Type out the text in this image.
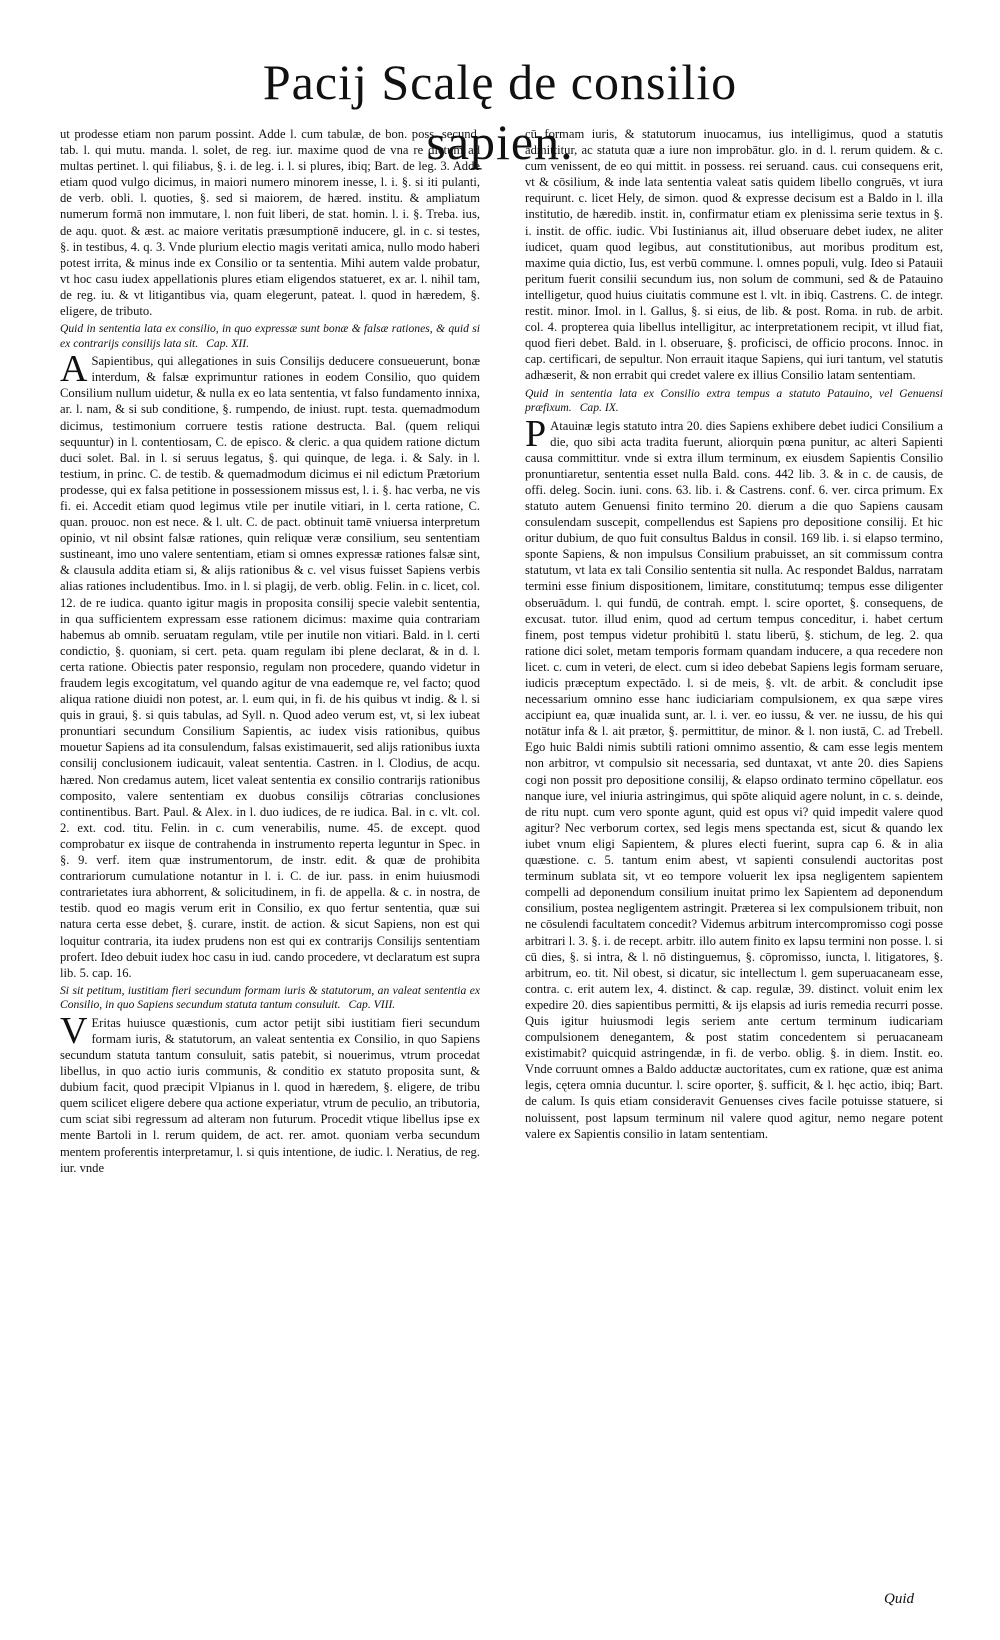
Pacij Scalę de consilio sapien.

ut prodesse etiam non parum possint. Adde l. cum tabulæ, de bon. poss. secund. tab. l. qui mutu. manda. l. solet, de reg. iur. maxime quod de vna re dictum ad multas pertinet. l. qui filiabus, §. i. de leg. i. l. si plures, ibiq; Bart. de leg. 3. Adde etiam quod vulgo dicimus, in maiori numero minorem inesse, l. i. §. si iti pulanti, de verb. obli. l. quoties, §. sed si maiorem, de hæred. institu. & ampliatum numerum formā non immutare, l. non fuit liberi, de stat. homin. l. i. §. Treba. ius, de aqu. quot. & æst. ac maiore veritatis præsumptionē inducere, gl. in c. si testes, §. in testibus, 4. q. 3. Vnde plurium electio magis veritati amica, nullo modo haberi potest irrita, & minus inde ex Consilio or ta sententia. Mihi autem valde probatur, vt hoc casu iudex appellationis plures etiam eligendos statueret, ex ar. l. nihil tam, de reg. iu. & vt litigantibus via, quam elegerunt, pateat. l. quod in hæredem, §. eligere, de tributo.

Quid in sententia lata ex consilio, in quo expressæ sunt bonæ & falsæ rationes, & quid si ex contrarijs consilijs lata sit. Cap. XII.

A Sapientibus, qui allegationes in suis Consilijs deducere consueuerunt, bonæ interdum, & falsæ exprimuntur rationes in eodem Consilio, quo quidem Consilium nullum uidetur, & nulla ex eo lata sententia, vt falso fundamento innixa, ar. l. nam, & si sub conditione, §. rumpendo, de iniust. rupt. testa. quemadmodum dicimus, testimonium corruere testis ratione destructa. Bal. (quem reliqui sequuntur) in l. contentiosam, C. de episco. & cleric. a qua quidem ratione dictum duci solet. Bal. in l. si seruus legatus, §. qui quinque, de lega. i. & Saly. in l. testium, in princ. C. de testib. & quemadmodum dicimus ei nil edictum Prætorium prodesse, qui ex falsa petitione in possessionem missus est, l. i. §. hac verba, ne vis fi. ei. Accedit etiam quod legimus vtile per inutile vitiari, in l. certa ratione, C. quan. prouoc. non est nece. & l. ult. C. de pact. obtinuit tamē vniuersa interpretum opinio, vt nil obsint falsæ rationes, quin reliquæ veræ consilium, seu sententiam sustineant, imo uno valere sententiam, etiam si omnes expressæ rationes falsæ sint, & clausula addita etiam si, & alijs rationibus & c. vel visus fuisset Sapiens verbis alias rationes includentibus. Imo. in l. si plagij, de verb. oblig. Felin. in c. licet, col. 12. de re iudica. quanto igitur magis in proposita consilij specie valebit sententia, in qua sufficientem expressam esse rationem dicimus: maxime quia contrariam habemus ab omnib. seruatam regulam, vtile per inutile non vitiari. Bald. in l. certi condictio, §. quoniam, si cert. peta. quam regulam ibi plene declarat, & in d. l. certa ratione. Obiectis pater responsio, regulam non procedere, quando videtur in fraudem legis excogitatum, vel quando agitur de vna eademque re, vel facto; quod aliqua ratione diuidi non potest, ar. l. eum qui, in fi. de his quibus vt indig. & l. si quis in graui, §. si quis tabulas, ad Syll. n. Quod adeo verum est, vt, si lex iubeat pronuntiari secundum Consilium Sapientis, ac iudex visis rationibus, quibus mouetur Sapiens ad ita consulendum, falsas existimauerit, sed alijs rationibus iuxta consilij conclusionem iudicauit, valeat sententia. Castren. in l. Clodius, de acqu. hæred. Non credamus autem, licet valeat sententia ex consilio contrarijs rationibus composito, valere sententiam ex duobus consilijs cōtrarias conclusiones continentibus. Bart. Paul. & Alex. in l. duo iudices, de re iudica. Bal. in c. vlt. col. 2. ext. cod. titu. Felin. in c. cum venerabilis, nume. 45. de except. quod comprobatur ex iisque de contrahenda in instrumento reperta leguntur in Spec. in §. 9. verf. item quæ instrumentorum, de instr. edit. & quæ de prohibita contrariorum cumulatione notantur in l. i. C. de iur. pass. in enim huiusmodi contrarietates iura abhorrent, & solicitudinem, in fi. de appella. & c. in nostra, de testib. quod eo magis verum erit in Consilio, ex quo fertur sententia, quæ sui natura certa esse debet, §. curare, instit. de action. & sicut Sapiens, non est qui loquitur contraria, ita iudex prudens non est qui ex contrarijs Consilijs sententiam profert. Ideo debuit iudex hoc casu in iud. cando procedere, vt declaratum est supra lib. 5. cap. 16.

Si sit petitum, iustitiam fieri secundum formam iuris & statutorum, an valeat sententia ex Consilio, in quo Sapiens secundum statuta tantum consuluit. Cap. VIII.

V Eritas huiusce quæstionis, cum actor petijt sibi iustitiam fieri secundum formam iuris, & statutorum, an valeat sententia ex Consilio, in quo Sapiens secundum statuta tantum consuluit, satis patebit, si nouerimus, vtrum procedat libellus, in quo actio iuris communis, & conditio ex statuto proposita sunt, & dubium facit, quod præcipit Vlpianus in l. quod in hæredem, §. eligere, de tribu quem scilicet eligere debere qua actione experiatur, vtrum de peculio, an tributoria, cum sciat sibi regressum ad alteram non futurum. Procedit vtique libellus ipse ex mente Bartoli in l. rerum quidem, de act. rer. amot. quoniam verba secundum mentem proferentis interpretamur, l. si quis intentione, de iudic. l. Neratius, de reg. iur. vnde

cū formam iuris, & statutorum inuocamus, ius intelligimus, quod a statutis admittitur, ac statuta quæ a iure non improbātur. glo. in d. l. rerum quidem. & c. cum venissent, de eo qui mittit. in possess. rei seruand. caus. cui consequens erit, vt & cōsilium, & inde lata sententia valeat satis quidem libello congruēs, vt iura requirunt. c. licet Hely, de simon. quod & expresse decisum est a Baldo in l. illa institutio, de hæredib. instit. in, confirmatur etiam ex plenissima serie textus in §. i. instit. de offic. iudic. Vbi Iustinianus ait, illud obseruare debet iudex, ne aliter iudicet, quam quod legibus, aut constitutionibus, aut moribus proditum est, maxime quia dictio, Ius, est verbū commune. l. omnes populi, vulg. Ideo si Patauii peritum fuerit consilii secundum ius, non solum de communi, sed & de Patauino intelligetur, quod huius ciuitatis commune est l. vlt. in ibiq. Castrens. C. de integr. restit. minor. Imol. in l. Gallus, §. si eius, de lib. & post. Roma. in rub. de arbit. col. 4. propterea quia libellus intelligitur, ac interpretationem recipit, vt illud fiat, quod fieri debet. Bald. in l. obseruare, §. proficisci, de officio procons. Innoc. in cap. certificari, de sepultur. Non errauit itaque Sapiens, qui iuri tantum, vel statutis adhæserit, & non errabit qui credet valere ex illius Consilio latam sententiam.

Quid in sententia lata ex Consilio extra tempus a statuto Patauino, vel Genuensi præfixum. Cap. IX.

P Atauinæ legis statuto intra 20. dies Sapiens exhibere debet iudici Consilium a die, quo sibi acta tradita fuerunt, aliorquin pœna punitur, ac alteri Sapienti causa committitur. vnde si extra illum terminum, ex eiusdem Sapientis Consilio pronuntiaretur, sententia esset nulla Bald. cons. 442 lib. 3. & in c. de causis, de offi. deleg. Socin. iuni. cons. 63. lib. i. & Castrens. conf. 6. ver. circa primum. Ex statuto autem Genuensi finito termino 20. dierum a die quo Sapiens causam consulendam suscepit, compellendus est Sapiens pro depositione consilij. Et hic oritur dubium, de quo fuit consultus Baldus in consil. 169 lib. i. si elapso termino, sponte Sapiens, & non impulsus Consilium prabuisset, an sit commissum contra statutum, vt lata ex tali Consilio sententia sit nulla. Ac respondet Baldus, narratam termini esse finium dispositionem, limitare, constitutumq; tempus esse diligenter obseruādum. l. qui fundū, de contrah. empt. l. scire oportet, §. consequens, de excusat. tutor. illud enim, quod ad certum tempus conceditur, i. habet certum finem, post tempus videtur prohibitū l. statu liberū, §. stichum, de leg. 2. qua ratione dici solet, metam temporis formam quandam inducere, a qua recedere non licet. c. cum in veteri, de elect. cum si ideo debebat Sapiens legis formam seruare, iudicis præceptum expectādo. l. si de meis, §. vlt. de arbit. & concludit ipse necessarium omnino esse hanc iudiciariam compulsionem, ex qua sæpe vires accipiunt ea, quæ inualida sunt, ar. l. i. ver. eo iussu, & ver. ne iussu, de his qui notātur infa & l. ait prætor, §. permittitur, de minor. & l. non iustā, C. ad Trebell. Ego huic Baldi nimis subtili rationi omnimo assentio, & cam esse legis mentem non arbitror, vt compulsio sit necessaria, sed duntaxat, vt ante 20. dies Sapiens cogi non possit pro depositione consilij, & elapso ordinato termino cōpellatur. eos nanque iure, vel iniuria astringimus, qui spōte aliquid agere nolunt, in c. s. deinde, de ritu nupt. cum vero sponte agunt, quid est opus vi? quid impedit valere quod agitur? Nec verborum cortex, sed legis mens spectanda est, sicut & quando lex iubet vnum eligi Sapientem, & plures electi fuerint, supra cap 6. & in alia quæstione. c. 5. tantum enim abest, vt sapienti consulendi auctoritas post terminum sublata sit, vt eo tempore voluerit lex ipsa negligentem sapientem compelli ad deponendum consilium inuitat primo lex Sapientem ad deponendum consilium, postea negligentem astringit. Præterea si lex compulsionem tribuit, non ne cōsulendi facultatem concedit? Videmus arbitrum intercompromisso cogi posse arbitrari l. 3. §. i. de recept. arbitr. illo autem finito ex lapsu termini non posse. l. si cū dies, §. si intra, & l. nō distinguemus, §. cōpromisso, iuncta, l. litigatores, §. arbitrum, eo. tit. Nil obest, si dicatur, sic intellectum l. gem superuacaneam esse, contra. c. erit autem lex, 4. distinct. & cap. regulæ, 39. distinct. voluit enim lex expedire 20. dies sapientibus permitti, & ijs elapsis ad iuris remedia recurri posse. Quis igitur huiusmodi legis seriem ante certum terminum iudicariam compulsionem denegantem, & post statim concedentem si peruacaneam existimabit? quicquid astringendæ, in fi. de verbo. oblig. §. in diem. Instit. eo. Vnde corruunt omnes a Baldo adductæ auctoritates, cum ex ratione, quæ est anima legis, cętera omnia ducuntur. l. scire oporter, §. sufficit, & l. hęc actio, ibiq; Bart. de calum. Is quis etiam consideravit Genuenses cives facile potuisse statuere, si noluissent, post lapsum terminum nil valere quod agitur, nemo negare potent valere ex Sapientis consilio in latam sententiam.

Quid
